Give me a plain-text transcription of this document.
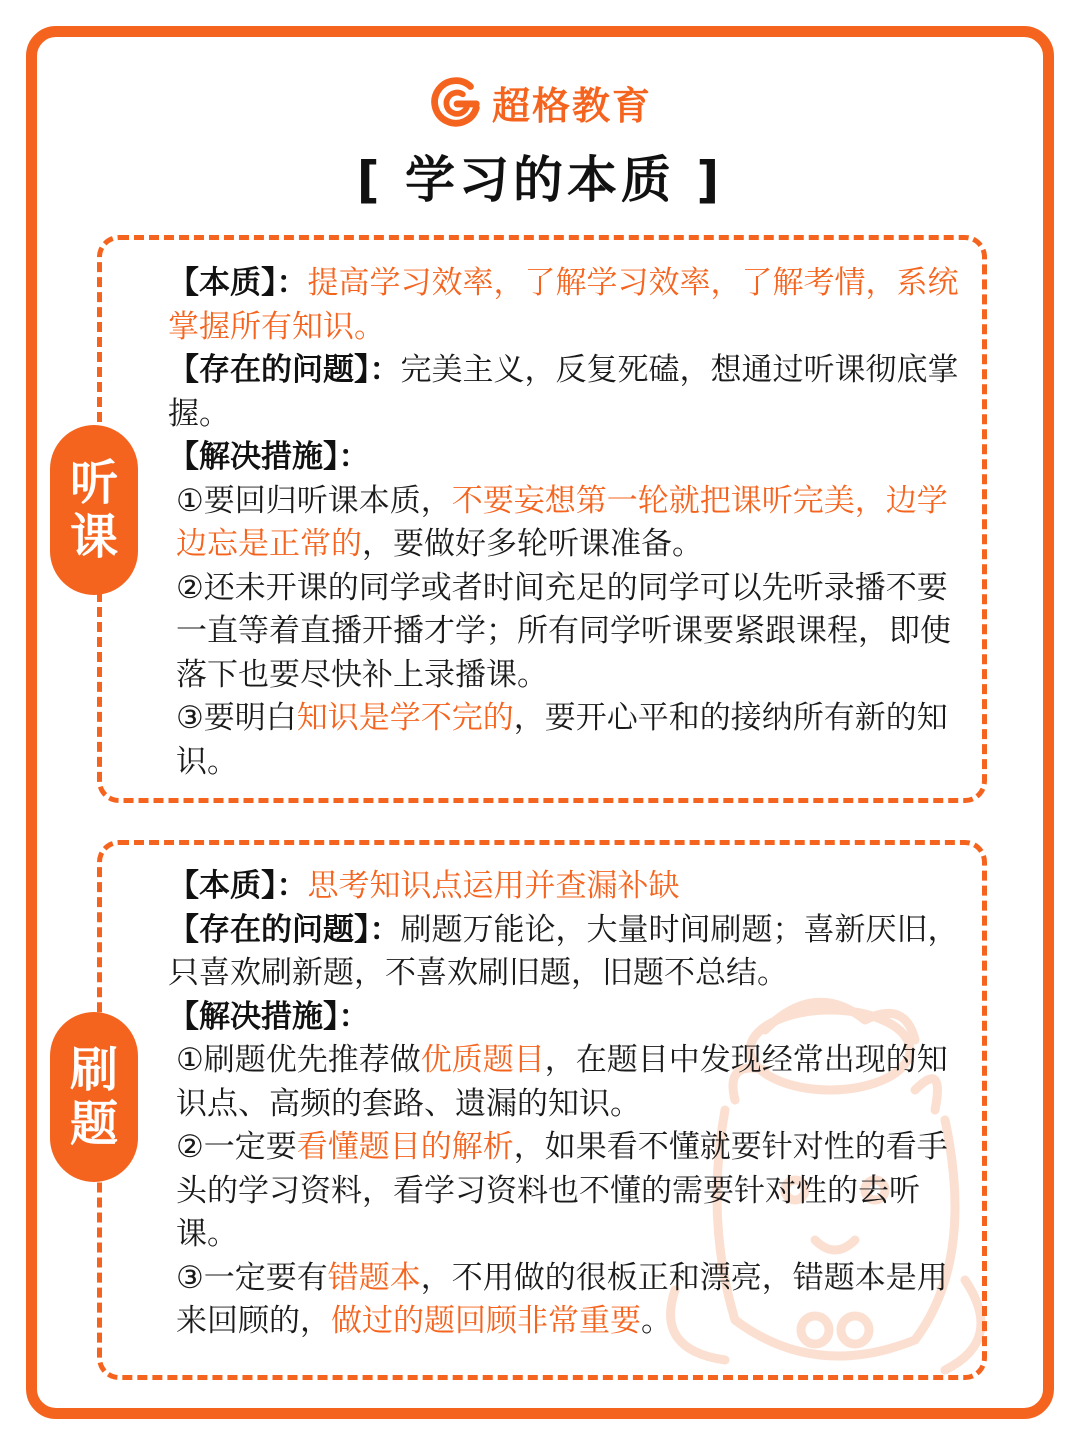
超格教育
[ 学习的本质 ]
听
课

【本质】：提高学习效率，了解学习效率，了解考情，系统掌握所有知识。

【存在的问题】：完美主义，反复死磕，想通过听课彻底掌握。

【解决措施】：

①要回归听课本质，不要妄想第一轮就把课听完美，边学边忘是正常的，要做好多轮听课准备。

②还未开课的同学或者时间充足的同学可以先听录播不要一直等着直播开播才学；所有同学听课要紧跟课程，即使落下也要尽快补上录播课。

③要明白知识是学不完的，要开心平和的接纳所有新的知识。

刷
题

【本质】：思考知识点运用并查漏补缺

【存在的问题】：刷题万能论，大量时间刷题；喜新厌旧，只喜欢刷新题，不喜欢刷旧题，旧题不总结。

【解决措施】：

①刷题优先推荐做优质题目，在题目中发现经常出现的知识点、高频的套路、遗漏的知识。

②一定要看懂题目的解析，如果看不懂就要针对性的看手头的学习资料，看学习资料也不懂的需要针对性的去听课。

③一定要有错题本，不用做的很板正和漂亮，错题本是用来回顾的，做过的题回顾非常重要。
